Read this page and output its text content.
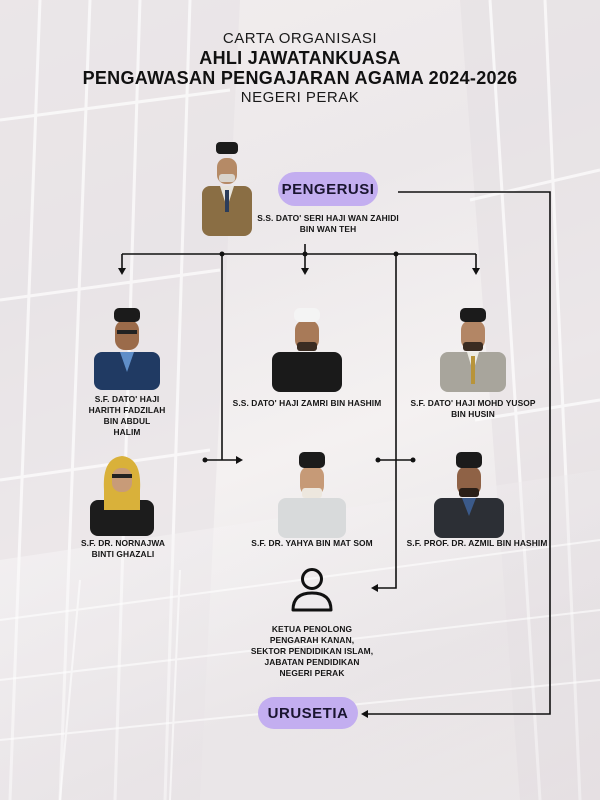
CARTA ORGANISASI
AHLI JAWATANKUASA
PENGAWASAN PENGAJARAN AGAMA 2024-2026
NEGERI PERAK
PENGERUSI
S.S. DATO' SERI HAJI WAN ZAHIDI
BIN WAN TEH
S.F. DATO' HAJI
HARITH FADZILAH
BIN ABDUL
HALIM
S.S. DATO' HAJI ZAMRI BIN HASHIM	S.F. DATO' HAJI MOHD YUSOP
BIN HUSIN
S.F. DR. NORNAJWA
BINTI GHAZALI
S.F. DR. YAHYA BIN MAT SOM	S.F. PROF. DR. AZMIL BIN HASHIM
KETUA PENOLONG
PENGARAH KANAN,
SEKTOR PENDIDIKAN ISLAM,
JABATAN PENDIDIKAN
NEGERI PERAK
URUSETIA
